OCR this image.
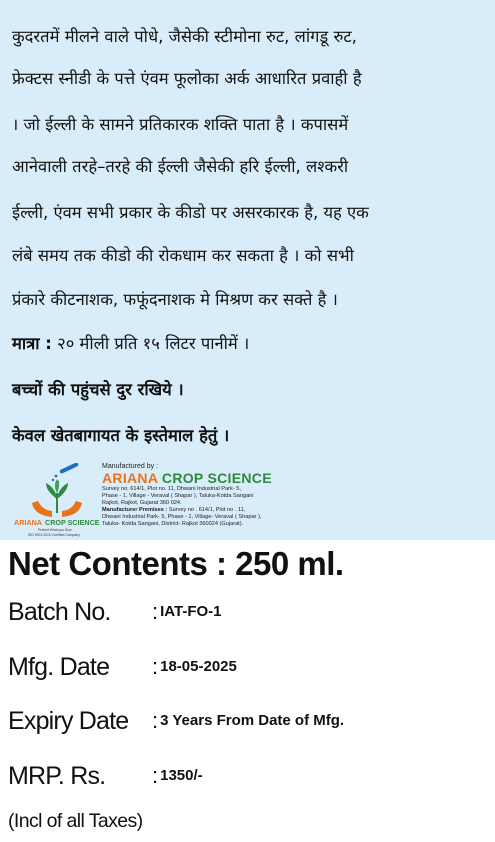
कुदरतमें मीलने वाले पोधे, जैसेकी स्टीमोना रुट, लांगडू रुट,
फ्रेक्टस स्नीडी के पत्ते एंवम फूलोका अर्क आधारित प्रवाही है
। जो ईल्ली के सामने प्रतिकारक शक्ति पाता है । कपासमें
आनेवाली तरहे–तरहे की ईल्ली जैसेकी हरि ईल्ली, लश्करी
ईल्ली, एंवम सभी प्रकार के कीडो पर असरकारक है, यह एक
लंबे समय तक कीडो की रोकधाम कर सकता है । को सभी
प्रंकारे कीटनाशक, फफूंदनाशक मे मिश्रण कर सक्ते है ।
मात्रा : २० मीली प्रति १५ लिटर पानीमें ।
बच्चों की पहुंचसे दुर रखिये ।
केवल खेतबागायत के इस्तेमाल हेतुं ।
ARIANA CROP SCIENCE
Protect What you Sow
ISO 9001:2015 Certified Company
Manufactured by :
ARIANA CROP SCIENCE
Survey no. 614/1, Plot no. 11, Dhwani Industrial Park- 5,
Phase - 1, Village - Veraval ( Shapar ), Taluka-Kotda Sangani
Rajkot, Rajkot, Gujarat 360 024.
Manufacturer Premises : Survey no . 614/1, Plot no . 11,
Dhwani Industrial Park- 5, Phase - 1, Village- Veraval ( Shapar ),
Taluka- Kotda Sangani, District- Rajkot 360024 (Gujarat).
Net Contents : 250 ml.
Batch No. : IAT-FO-1
Mfg. Date : 18-05-2025
Expiry Date : 3 Years From Date of Mfg.
MRP. Rs. : 1350/-
(Incl of all Taxes)
